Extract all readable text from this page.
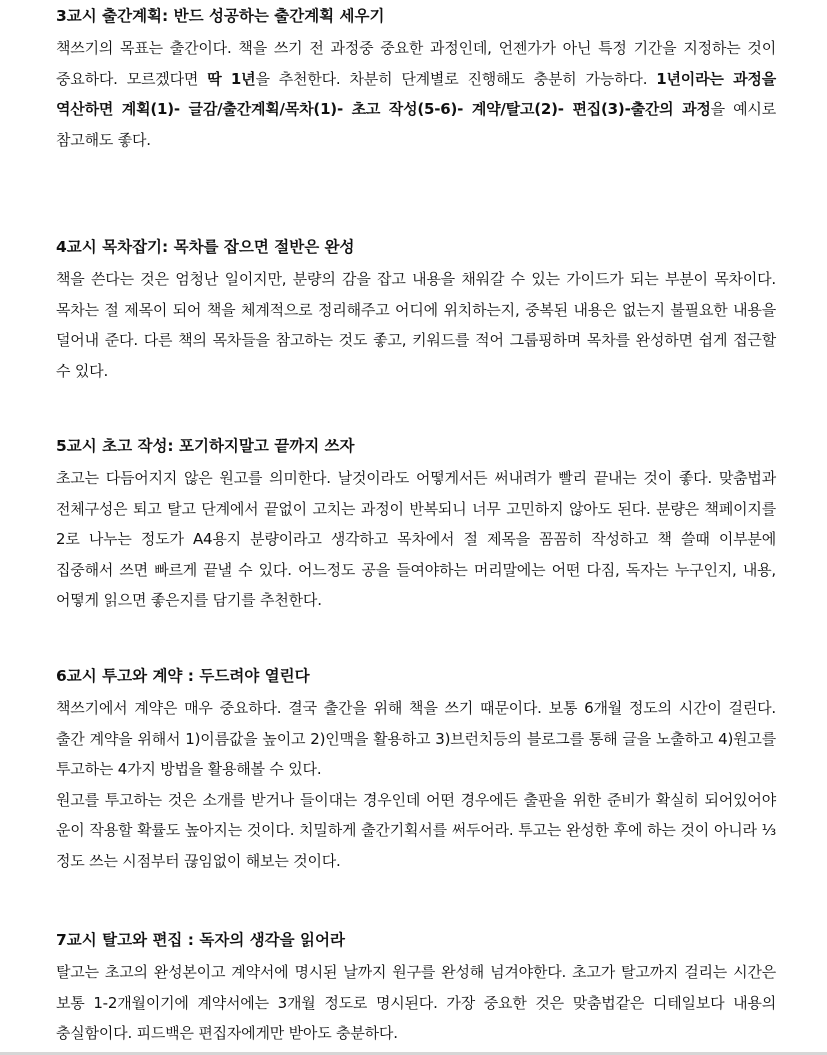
3교시 출간계획: 반드 성공하는 출간계획 세우기

책쓰기의 목표는 출간이다. 책을 쓰기 전 과정중 중요한 과정인데, 언젠가가 아닌 특정 기간을 지정하는 것이 중요하다. 모르겠다면 딱 1년을 추천한다. 차분히 단계별로 진행해도 충분히 가능하다. 1년이라는 과정을 역산하면 계획(1)- 글감/출간계획/목차(1)- 초고 작성(5-6)- 계약/탈고(2)- 편집(3)-출간의 과정을 예시로 참고해도 좋다.

4교시 목차잡기: 목차를 잡으면 절반은 완성

책을 쓴다는 것은 엄청난 일이지만, 분량의 감을 잡고 내용을 채워갈 수 있는 가이드가 되는 부분이 목차이다. 목차는 절 제목이 되어 책을 체계적으로 정리해주고 어디에 위치하는지, 중복된 내용은 없는지 불필요한 내용을 덜어내 준다. 다른 책의 목차들을 참고하는 것도 좋고, 키워드를 적어 그룹핑하며 목차를 완성하면 쉽게 접근할 수 있다.

5교시 초고 작성: 포기하지말고 끝까지 쓰자

초고는 다듬어지지 않은 원고를 의미한다. 날것이라도 어떻게서든 써내려가 빨리 끝내는 것이 좋다. 맞춤법과 전체구성은 퇴고 탈고 단계에서 끝없이 고치는 과정이 반복되니 너무 고민하지 않아도 된다. 분량은 책페이지를 2로 나누는 정도가 A4용지 분량이라고 생각하고 목차에서 절 제목을 꼼꼼히 작성하고 책 쓸때 이부분에 집중해서 쓰면 빠르게 끝낼 수 있다. 어느정도 공을 들여야하는 머리말에는 어떤 다짐, 독자는 누구인지, 내용, 어떻게 읽으면 좋은지를 담기를 추천한다.

6교시 투고와 계약 : 두드려야 열린다

책쓰기에서 계약은 매우 중요하다. 결국 출간을 위해 책을 쓰기 때문이다. 보통 6개월 정도의 시간이 걸린다. 출간 계약을 위해서 1)이름값을 높이고 2)인맥을 활용하고 3)브런치등의 블로그를 통해 글을 노출하고 4)원고를 투고하는 4가지 방법을 활용해볼 수 있다.

원고를 투고하는 것은 소개를 받거나 들이대는 경우인데 어떤 경우에든 출판을 위한 준비가 확실히 되어있어야 운이 작용할 확률도 높아지는 것이다. 치밀하게 출간기획서를 써두어라. 투고는 완성한 후에 하는 것이 아니라 ⅓ 정도 쓰는 시점부터 끊임없이 해보는 것이다.

7교시 탈고와 편집 : 독자의 생각을 읽어라

탈고는 초고의 완성본이고 계약서에 명시된 날까지 원구를 완성해 넘겨야한다. 초고가 탈고까지 걸리는 시간은 보통 1-2개월이기에 계약서에는 3개월 정도로 명시된다. 가장 중요한 것은 맞춤법같은 디테일보다 내용의 충실함이다. 피드백은 편집자에게만 받아도 충분하다.
